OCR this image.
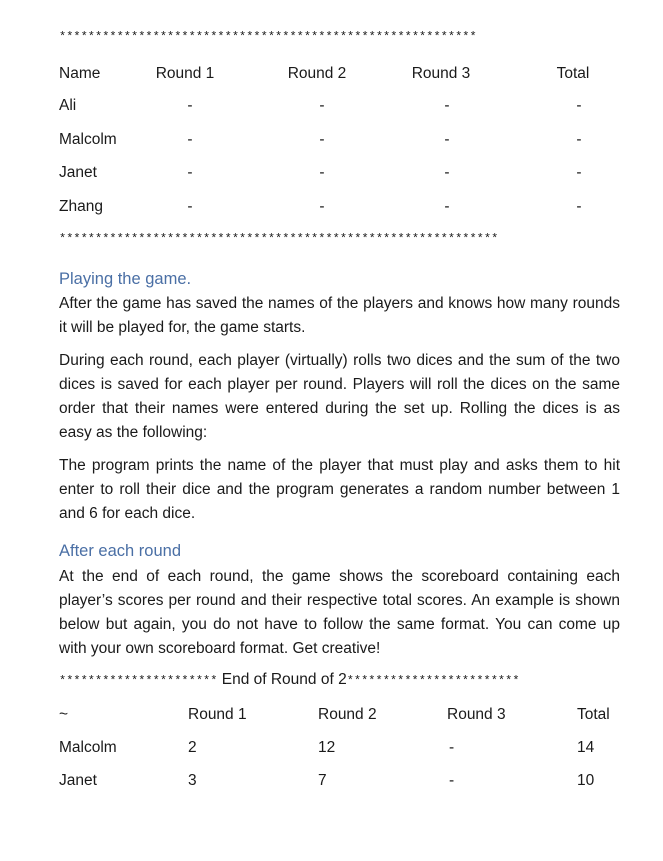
**********************************************************
Name	Round 1	Round 2	Round 3	Total
Ali	-	-	-	-
Malcolm	-	-	-	-
Janet	-	-	-	-
Zhang	-	-	-	-
*************************************************************
Playing the game.

After the game has saved the names of the players and knows how many rounds it will be played for, the game starts.

During each round, each player (virtually) rolls two dices and the sum of the two dices is saved for each player per round. Players will roll the dices on the same order that their names were entered during the set up. Rolling the dices is as easy as the following:

The program prints the name of the player that must play and asks them to hit enter to roll their dice and the program generates a random number between 1 and 6 for each dice.

After each round

At the end of each round, the game shows the scoreboard containing each player’s scores per round and their respective total scores. An example is shown below but again, you do not have to follow the same format. You can come up with your own scoreboard format. Get creative!

********************** End of Round of 2************************
~	Round 1	Round 2	Round 3	Total
Malcolm	2	12	-	14
Janet	3	7	-	10
